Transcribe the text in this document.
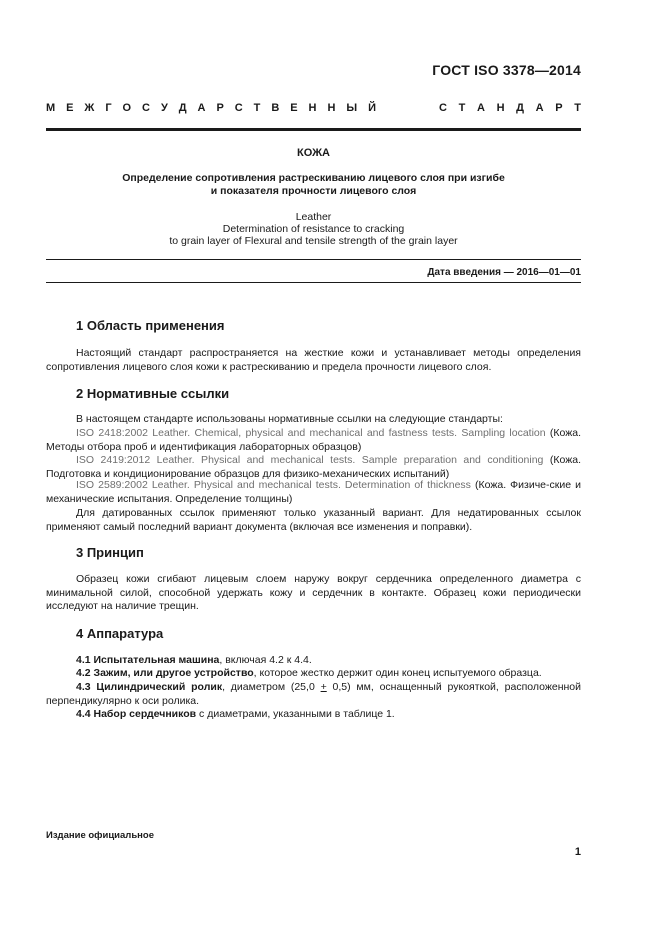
ГОСТ ISO 3378—2014
М Е Ж Г О С У Д А Р С Т В Е Н Н Ы Й	С Т А Н Д А Р Т
КОЖА
Определение сопротивления растрескиванию лицевого слоя при изгибе
и показателя прочности лицевого слоя
Leather
Determination of resistance to cracking
to grain layer of Flexural and tensile strength of the grain layer
Дата введения — 2016—01—01
1 Область применения
Настоящий стандарт распространяется на жесткие кожи и устанавливает методы определения сопротивления лицевого слоя кожи к растрескиванию и предела прочности лицевого слоя.
2 Нормативные ссылки
В настоящем стандарте использованы нормативные ссылки на следующие стандарты:
ISO 2418:2002 Leather. Chemical, physical and mechanical and fastness tests. Sampling location (Кожа. Методы отбора проб и идентификация лабораторных образцов)
ISO 2419:2012 Leather. Physical and mechanical tests. Sample preparation and conditioning (Кожа. Подготовка и кондиционирование образцов для физико-механических испытаний)
ISO 2589:2002 Leather. Physical and mechanical tests. Determination of thickness (Кожа. Физиче-ские и механические испытания. Определение толщины)
Для датированных ссылок применяют только указанный вариант. Для недатированных ссылок применяют самый последний вариант документа (включая все изменения и поправки).
3 Принцип
Образец кожи сгибают лицевым слоем наружу вокруг сердечника определенного диаметра с минимальной силой, способной удержать кожу и сердечник в контакте. Образец кожи периодически исследуют на наличие трещин.
4 Аппаратура
4.1 Испытательная машина, включая 4.2 к 4.4.
4.2 Зажим, или другое устройство, которое жестко держит один конец испытуемого образца.
4.3 Цилиндрический ролик, диаметром (25,0 + 0,5) мм, оснащенный рукояткой, расположенной перпендикулярно к оси ролика.
4.4 Набор сердечников с диаметрами, указанными в таблице 1.
Издание официальное
1
